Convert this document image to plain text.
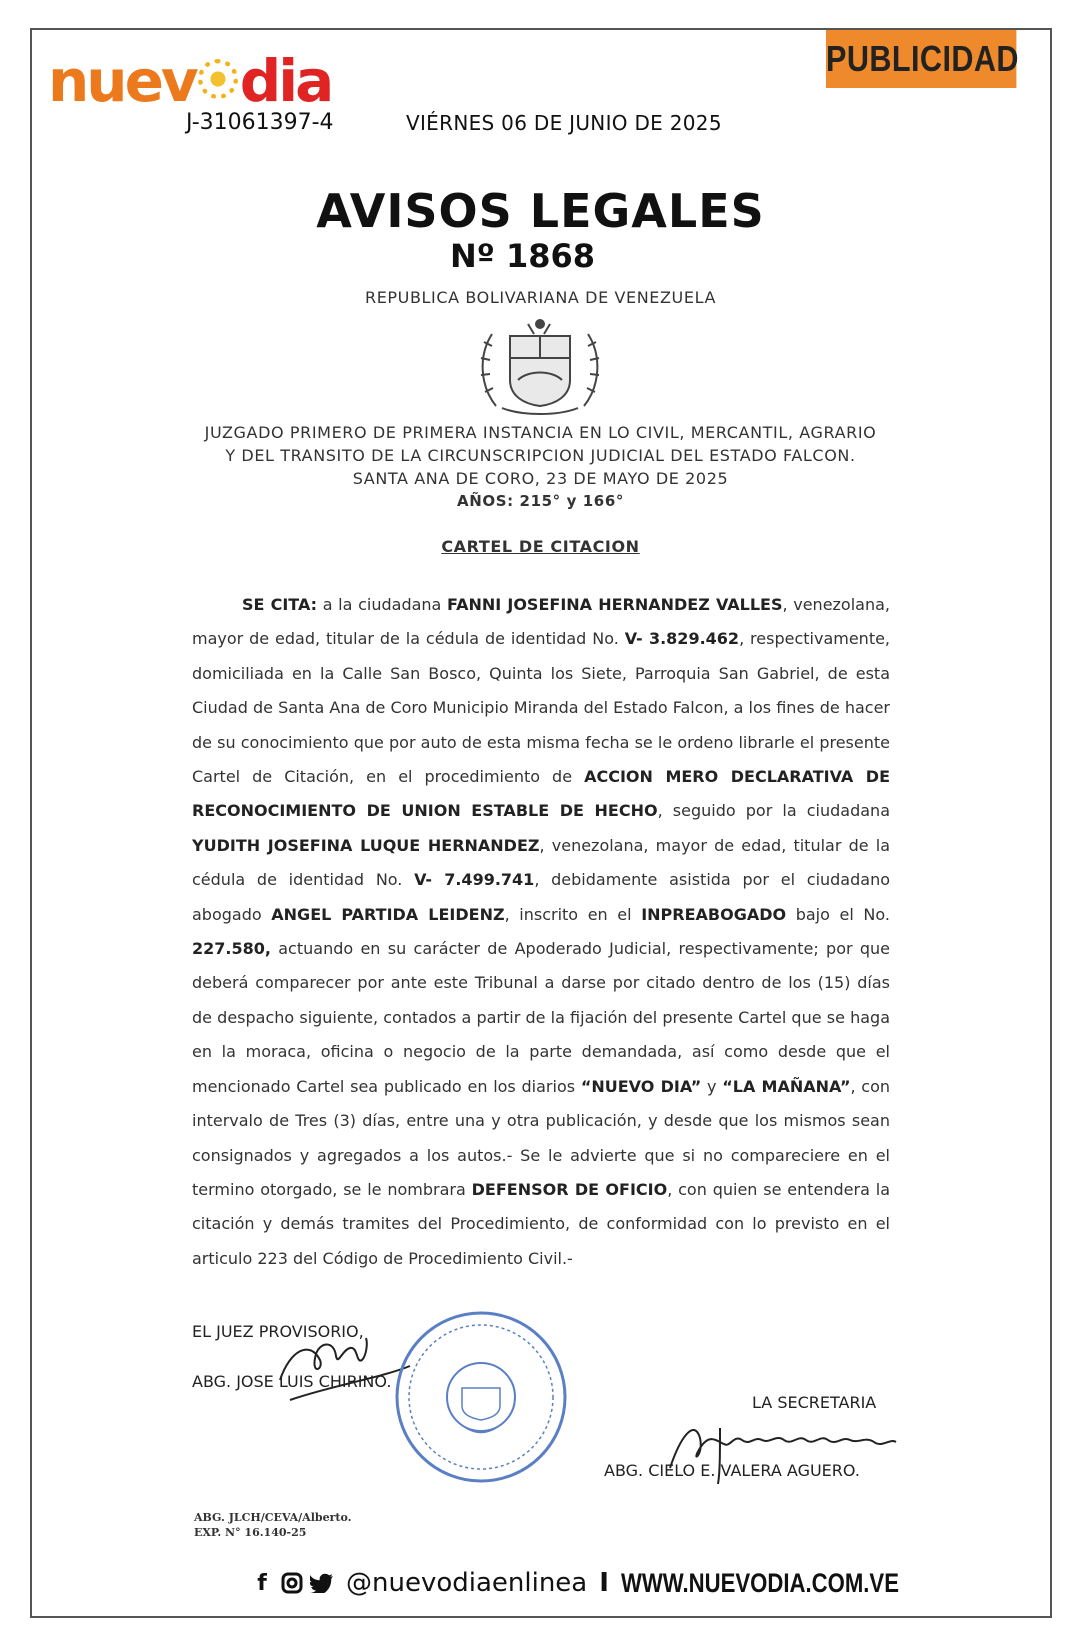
nuev dia
J-31061397-4	VIÉRNES 06 DE JUNIO DE 2025
PUBLICIDAD
AVISOS LEGALES
Nº 1868
REPUBLICA BOLIVARIANA DE VENEZUELA
JUZGADO PRIMERO DE PRIMERA INSTANCIA EN LO CIVIL, MERCANTIL, AGRARIO
Y DEL TRANSITO DE LA CIRCUNSCRIPCION JUDICIAL DEL ESTADO FALCON.
SANTA ANA DE CORO, 23 DE MAYO DE 2025
AÑOS: 215° y 166°
CARTEL DE CITACION

SE CITA: a la ciudadana FANNI JOSEFINA HERNANDEZ VALLES, venezolana, mayor de edad, titular de la cédula de identidad No. V- 3.829.462, respectivamente, domiciliada en la Calle San Bosco, Quinta los Siete, Parroquia San Gabriel, de esta Ciudad de Santa Ana de Coro Municipio Miranda del Estado Falcon, a los fines de hacer de su conocimiento que por auto de esta misma fecha se le ordeno librarle el presente Cartel de Citación, en el procedimiento de ACCION MERO DECLARATIVA DE RECONOCIMIENTO DE UNION ESTABLE DE HECHO, seguido por la ciudadana YUDITH JOSEFINA LUQUE HERNANDEZ, venezolana, mayor de edad, titular de la cédula de identidad No. V- 7.499.741, debidamente asistida por el ciudadano abogado ANGEL PARTIDA LEIDENZ, inscrito en el INPREABOGADO bajo el No. 227.580, actuando en su carácter de Apoderado Judicial, respectivamente; por que deberá comparecer por ante este Tribunal a darse por citado dentro de los (15) días de despacho siguiente, contados a partir de la fijación del presente Cartel que se haga en la moraca, oficina o negocio de la parte demandada, así como desde que el mencionado Cartel sea publicado en los diarios “NUEVO DIA” y “LA MAÑANA”, con intervalo de Tres (3) días, entre una y otra publicación, y desde que los mismos sean consignados y agregados a los autos.- Se le advierte que si no compareciere en el termino otorgado, se le nombrara DEFENSOR DE OFICIO, con quien se entendera la citación y demás tramites del Procedimiento, de conformidad con lo previsto en el articulo 223 del Código de Procedimiento Civil.-

EL JUEZ PROVISORIO,
ABG. JOSE LUIS CHIRINO.
LA SECRETARIA
ABG. CIELO E. VALERA AGUERO.
ABG. JLCH/CEVA/Alberto.
EXP. N° 16.140-25
f	@nuevodiaenlinea I WWW.NUEVODIA.COM.VE
